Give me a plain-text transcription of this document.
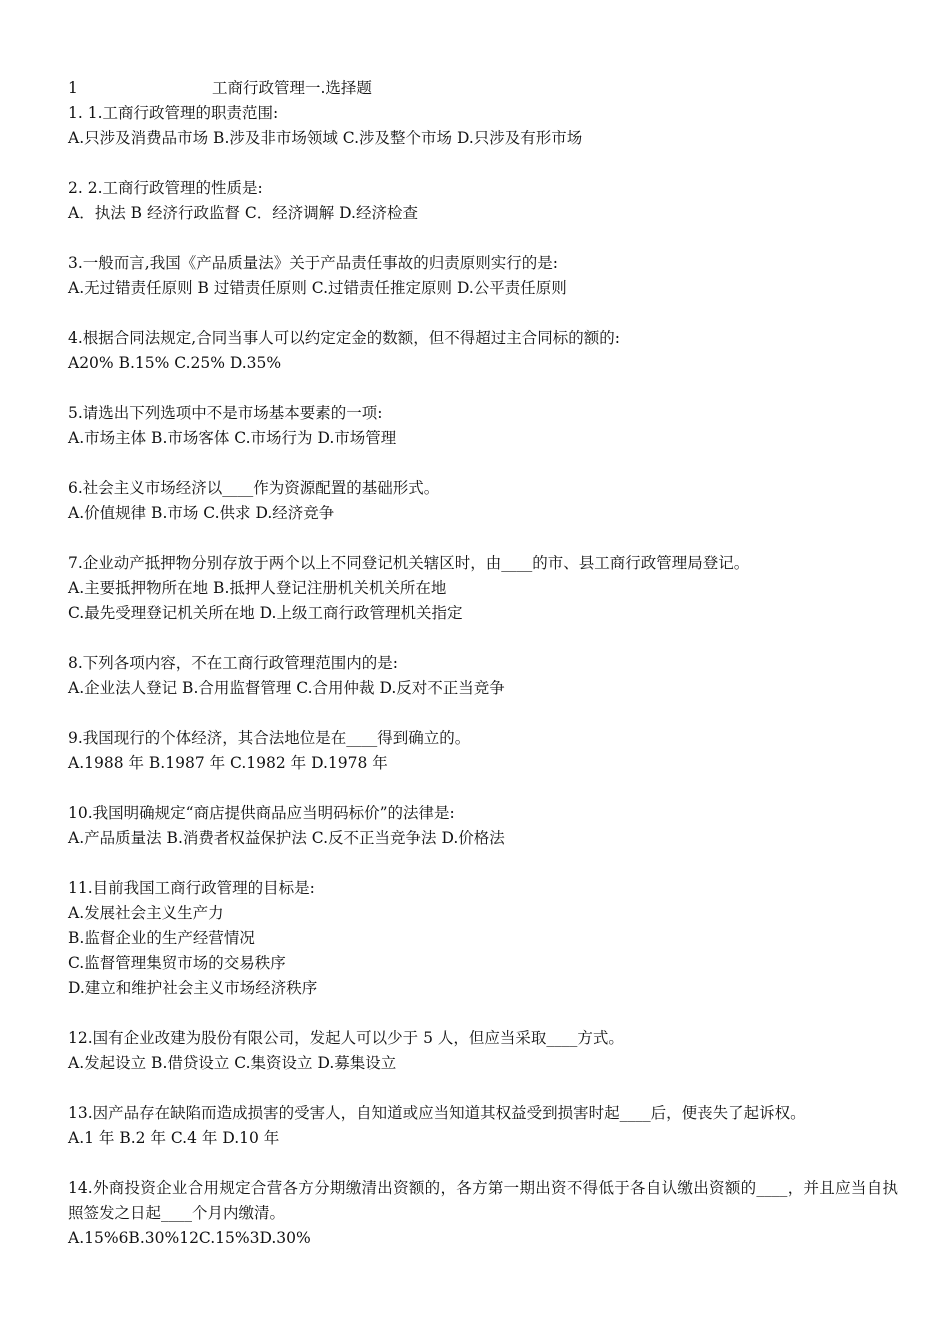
1	工商行政管理一.选择题

1. 1.工商行政管理的职责范围:

A.只涉及消费品市场 B.涉及非市场领域 C.涉及整个市场 D.只涉及有形市场

2. 2.工商行政管理的性质是:

A．执法 B 经济行政监督 C．经济调解 D.经济检查

3.一般而言,我国《产品质量法》关于产品责任事故的归责原则实行的是:

A.无过错责任原则 B 过错责任原则 C.过错责任推定原则 D.公平责任原则

4.根据合同法规定,合同当事人可以约定定金的数额，但不得超过主合同标的额的:

A20% B.15% C.25% D.35%

5.请选出下列选项中不是市场基本要素的一项:

A.市场主体 B.市场客体 C.市场行为 D.市场管理

6.社会主义市场经济以____作为资源配置的基础形式。

A.价值规律 B.市场 C.供求 D.经济竞争

7.企业动产抵押物分别存放于两个以上不同登记机关辖区时，由____的市、县工商行政管理局登记。

A.主要抵押物所在地 B.抵押人登记注册机关机关所在地

C.最先受理登记机关所在地 D.上级工商行政管理机关指定

8.下列各项内容，不在工商行政管理范围内的是:

A.企业法人登记 B.合用监督管理 C.合用仲裁 D.反对不正当竞争

9.我国现行的个体经济，其合法地位是在____得到确立的。

A.1988 年 B.1987 年 C.1982 年 D.1978 年

10.我国明确规定“商店提供商品应当明码标价”的法律是:

A.产品质量法 B.消费者权益保护法 C.反不正当竞争法 D.价格法

11.目前我国工商行政管理的目标是:

A.发展社会主义生产力

B.监督企业的生产经营情况

C.监督管理集贸市场的交易秩序

D.建立和维护社会主义市场经济秩序

12.国有企业改建为股份有限公司，发起人可以少于 5 人，但应当采取____方式。

A.发起设立 B.借贷设立 C.集资设立 D.募集设立

13.因产品存在缺陷而造成损害的受害人，自知道或应当知道其权益受到损害时起____后，便丧失了起诉权。

A.1 年 B.2 年 C.4 年 D.10 年

14.外商投资企业合用规定合营各方分期缴清出资额的，各方第一期出资不得低于各自认缴出资额的____，并且应当自执照签发之日起____个月内缴清。

A.15%6B.30%12C.15%3D.30%
